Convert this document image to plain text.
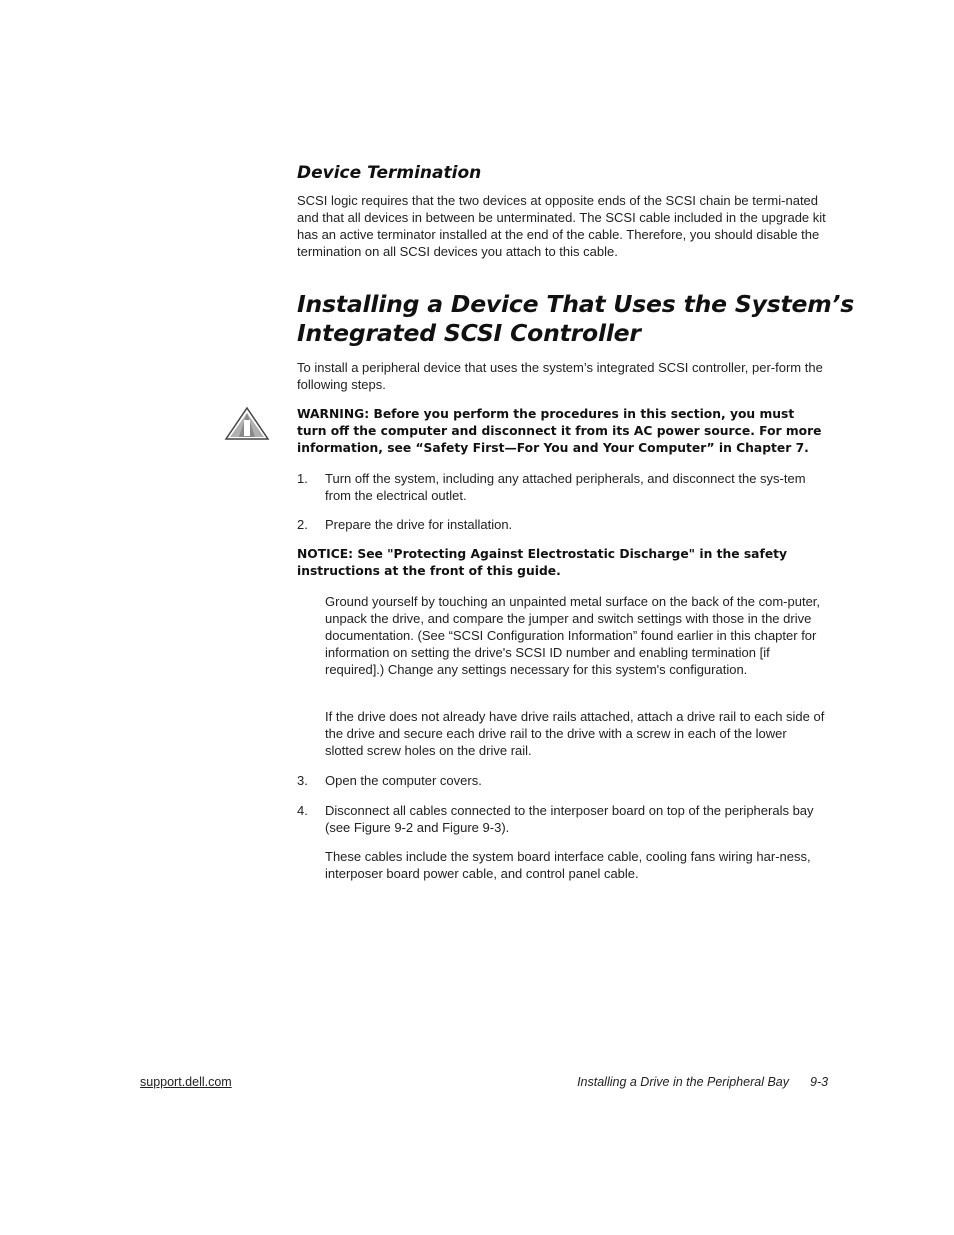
Device Termination

SCSI logic requires that the two devices at opposite ends of the SCSI chain be termi-nated and that all devices in between be unterminated. The SCSI cable included in the upgrade kit has an active terminator installed at the end of the cable. Therefore, you should disable the termination on all SCSI devices you attach to this cable.

Installing a Device That Uses the System’s
Integrated SCSI Controller

To install a peripheral device that uses the system’s integrated SCSI controller, per-form the following steps.

WARNING: Before you perform the procedures in this section, you must turn off the computer and disconnect it from its AC power source. For more information, see “Safety First—For You and Your Computer” in Chapter 7.

1. Turn off the system, including any attached peripherals, and disconnect the sys-tem from the electrical outlet.

2. Prepare the drive for installation.

NOTICE: See "Protecting Against Electrostatic Discharge" in the safety instructions at the front of this guide.

Ground yourself by touching an unpainted metal surface on the back of the com-puter, unpack the drive, and compare the jumper and switch settings with those in the drive documentation. (See “SCSI Configuration Information” found earlier in this chapter for information on setting the drive's SCSI ID number and enabling termination [if required].) Change any settings necessary for this system's configuration.

If the drive does not already have drive rails attached, attach a drive rail to each side of the drive and secure each drive rail to the drive with a screw in each of the lower slotted screw holes on the drive rail.

3. Open the computer covers.

4. Disconnect all cables connected to the interposer board on top of the peripherals bay (see Figure 9-2 and Figure 9-3).

These cables include the system board interface cable, cooling fans wiring har-ness, interposer board power cable, and control panel cable.

support.dell.com	Installing a Drive in the Peripheral Bay 9-3
